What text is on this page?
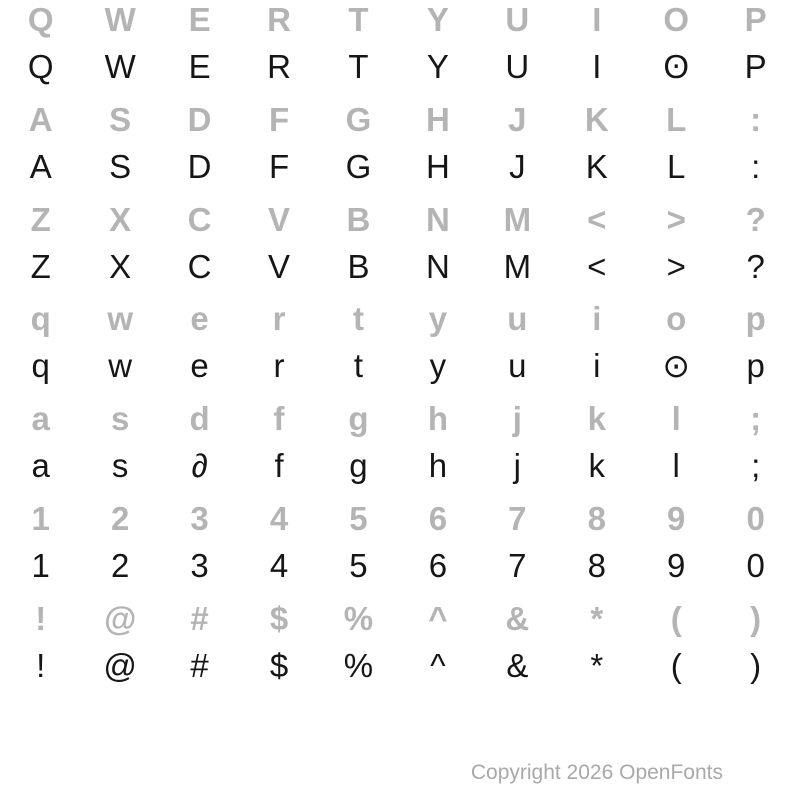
Q	W	E	R	T	Y	U	I	O	P
Q	W	E	R	T	Y	U	I	ʘ	P
A	S	D	F	G	H	J	K	L	:
A	S	D	F	G	H	J	K	L	:
Z	X	C	V	B	N	M	<	>	?
Z	X	C	V	B	N	M	<	>	?
q	w	e	r	t	y	u	i	o	p
q	w	e	r	t	y	u	i	⊙	p
a	s	d	f	g	h	j	k	l	;
a	s	∂	f	ɡ	h	j	k	l	;
1	2	3	4	5	6	7	8	9	0
1	2	3	4	5	6	7	8	9	0
!	@	#	$	%	^	&	*	(	)
!	@	#	$	%	^	&	*	(	)
Copyright 2026 OpenFonts
